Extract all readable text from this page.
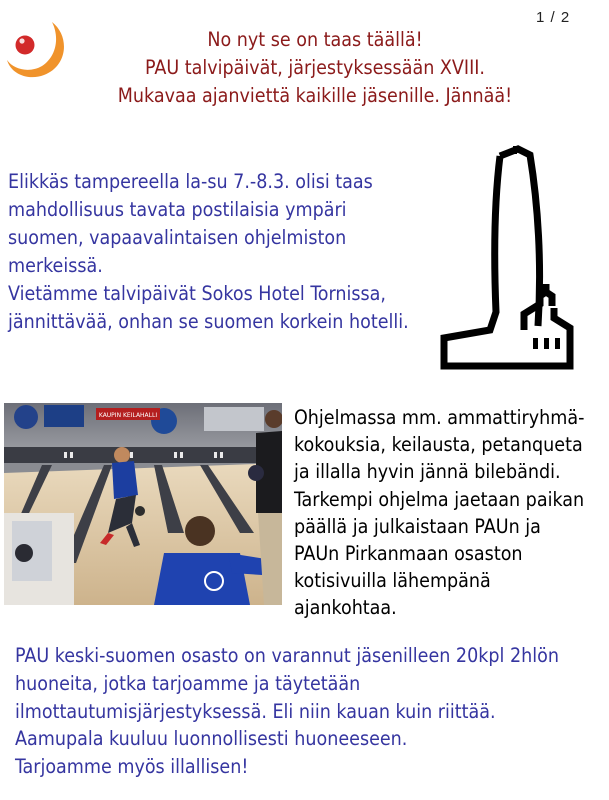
1 / 2
No nyt se on taas täällä!
PAU talvipäivät, järjestyksessään XVIII.
Mukavaa ajanviettä kaikille jäsenille. Jännää!
Elikkäs tampereella la-su 7.-8.3. olisi taas
mahdollisuus tavata postilaisia ympäri
suomen, vapaavalintaisen ohjelmiston
merkeissä.
Vietämme talvipäivät Sokos Hotel Tornissa,
jännittävää, onhan se suomen korkein hotelli.
KAUPIN KEILAHALLI	Ohjelmassa mm. ammattiryhmä-
kokouksia, keilausta, petanqueta
ja illalla hyvin jännä bilebändi.
Tarkempi ohjelma jaetaan paikan
päällä ja julkaistaan PAUn ja
PAUn Pirkanmaan osaston
kotisivuilla lähempänä
ajankohtaa.
PAU keski-suomen osasto on varannut jäsenilleen 20kpl 2hlön
huoneita, jotka tarjoamme ja täytetään
ilmottautumisjärjestyksessä. Eli niin kauan kuin riittää.
Aamupala kuuluu luonnollisesti huoneeseen.
Tarjoamme myös illallisen!
